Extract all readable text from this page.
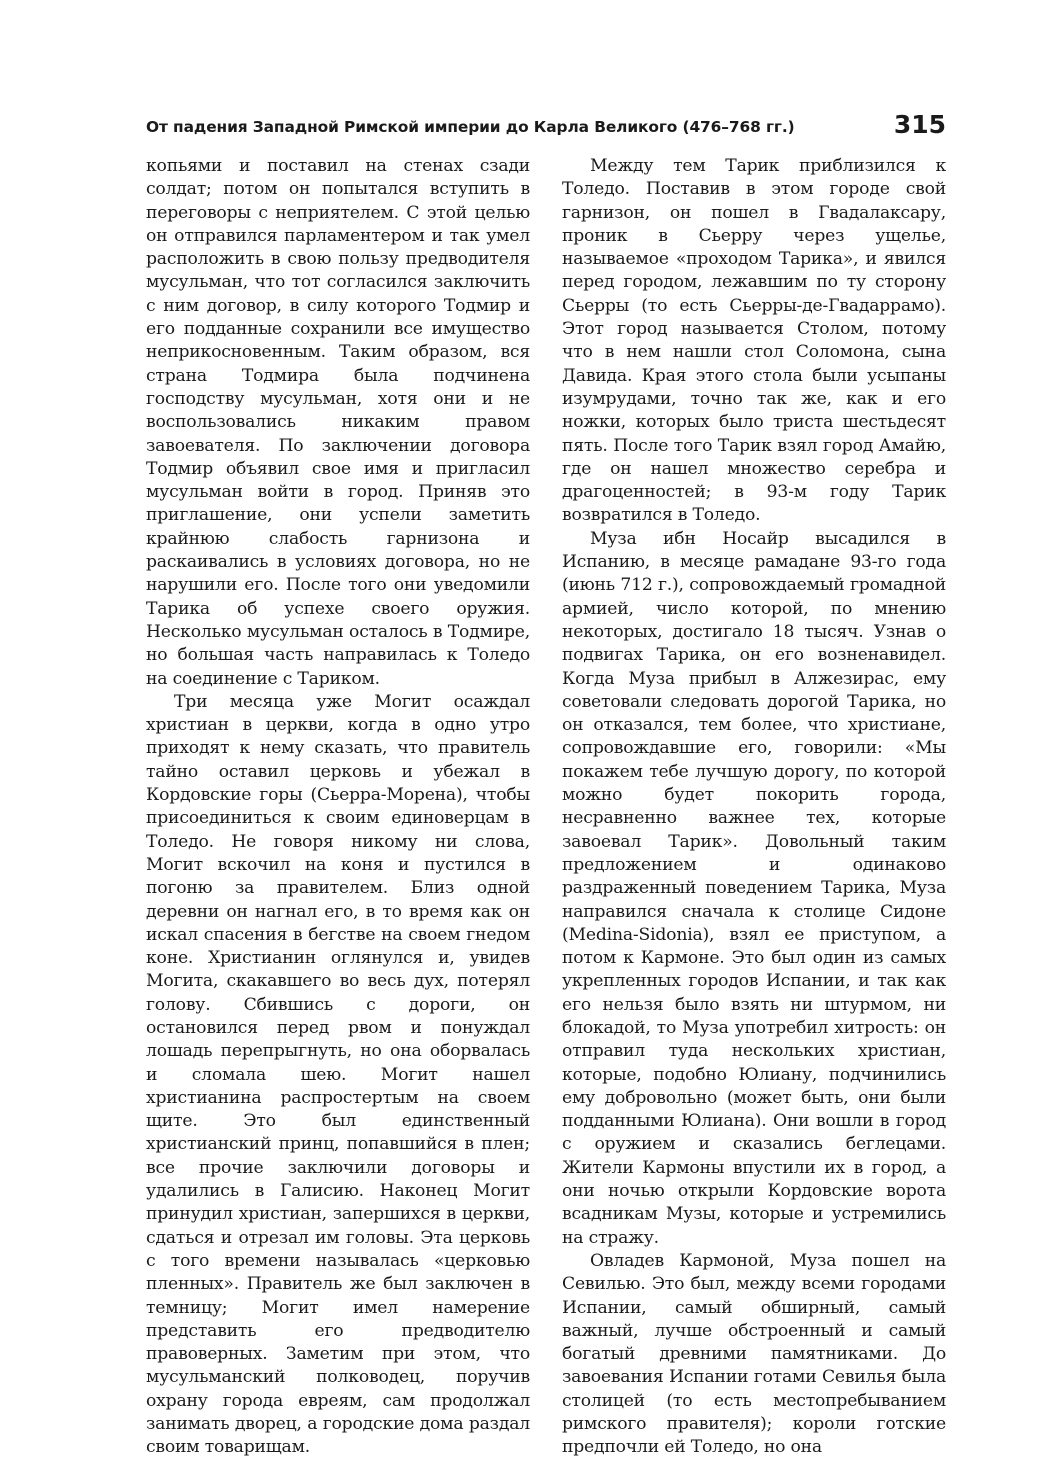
От падения Западной Римской империи до Карла Великого (476–768 гг.)	315

копьями и поставил на стенах сзади солдат; потом он попытался вступить в переговоры с неприятелем. С этой целью он отправился парламентером и так умел расположить в свою пользу предводителя мусульман, что тот согласился заключить с ним договор, в силу которого Тодмир и его подданные сохранили все имущество неприкосновенным. Таким образом, вся страна Тодмира была подчинена господству мусульман, хотя они и не воспользовались никаким правом завоевателя. По заключении договора Тодмир объявил свое имя и пригласил мусульман войти в город. Приняв это приглашение, они успели заметить крайнюю слабость гарнизона и раскаивались в условиях договора, но не нарушили его. После того они уведомили Тарика об успехе своего оружия. Несколько мусульман осталось в Тодмире, но большая часть направилась к Толедо на соединение с Тариком.

Три месяца уже Могит осаждал христиан в церкви, когда в одно утро приходят к нему сказать, что правитель тайно оставил церковь и убежал в Кордовские горы (Сьерра-Морена), чтобы присоединиться к своим единоверцам в Толедо. Не говоря никому ни слова, Могит вскочил на коня и пустился в погоню за правителем. Близ одной деревни он нагнал его, в то время как он искал спасения в бегстве на своем гнедом коне. Христианин оглянулся и, увидев Могита, скакавшего во весь дух, потерял голову. Сбившись с дороги, он остановился перед рвом и понуждал лошадь перепрыгнуть, но она оборвалась и сломала шею. Могит нашел христианина распростертым на своем щите. Это был единственный христианский принц, попавшийся в плен; все прочие заключили договоры и удалились в Галисию. Наконец Могит принудил христиан, запершихся в церкви, сдаться и отрезал им головы. Эта церковь с того времени называлась «церковью пленных». Правитель же был заключен в темницу; Могит имел намерение представить его предводителю правоверных. Заметим при этом, что мусульманский полководец, поручив охрану города евреям, сам продолжал занимать дворец, а городские дома раздал своим товарищам.

Между тем Тарик приблизился к Толедо. Поставив в этом городе свой гарнизон, он пошел в Гвадалаксару, проник в Сьерру через ущелье, называемое «проходом Тарика», и явился перед городом, лежавшим по ту сторону Сьерры (то есть Сьерры-де-Гвадаррамо). Этот город называется Столом, потому что в нем нашли стол Соломона, сына Давида. Края этого стола были усыпаны изумрудами, точно так же, как и его ножки, которых было триста шестьдесят пять. После того Тарик взял город Амайю, где он нашел множество серебра и драгоценностей; в 93-м году Тарик возвратился в Толедо.

Муза ибн Носайр высадился в Испанию, в месяце рамадане 93-го года (июнь 712 г.), сопровождаемый громадной армией, число которой, по мнению некоторых, достигало 18 тысяч. Узнав о подвигах Тарика, он его возненавидел. Когда Муза прибыл в Алжезирас, ему советовали следовать дорогой Тарика, но он отказался, тем более, что христиане, сопровождавшие его, говорили: «Мы покажем тебе лучшую дорогу, по которой можно будет покорить города, несравненно важнее тех, которые завоевал Тарик». Довольный таким предложением и одинаково раздраженный поведением Тарика, Муза направился сначала к столице Сидоне (Medina-Sidonia), взял ее приступом, а потом к Кармоне. Это был один из самых укрепленных городов Испании, и так как его нельзя было взять ни штурмом, ни блокадой, то Муза употребил хитрость: он отправил туда нескольких христиан, которые, подобно Юлиану, подчинились ему добровольно (может быть, они были подданными Юлиана). Они вошли в город с оружием и сказались беглецами. Жители Кармоны впустили их в город, а они ночью открыли Кордовские ворота всадникам Музы, которые и устремились на стражу.

Овладев Кармоной, Муза пошел на Севилью. Это был, между всеми городами Испании, самый обширный, самый важный, лучше обстроенный и самый богатый древними памятниками. До завоевания Испании готами Севилья была столицей (то есть местопребыванием римского правителя); короли готские предпочли ей Толедо, но она
